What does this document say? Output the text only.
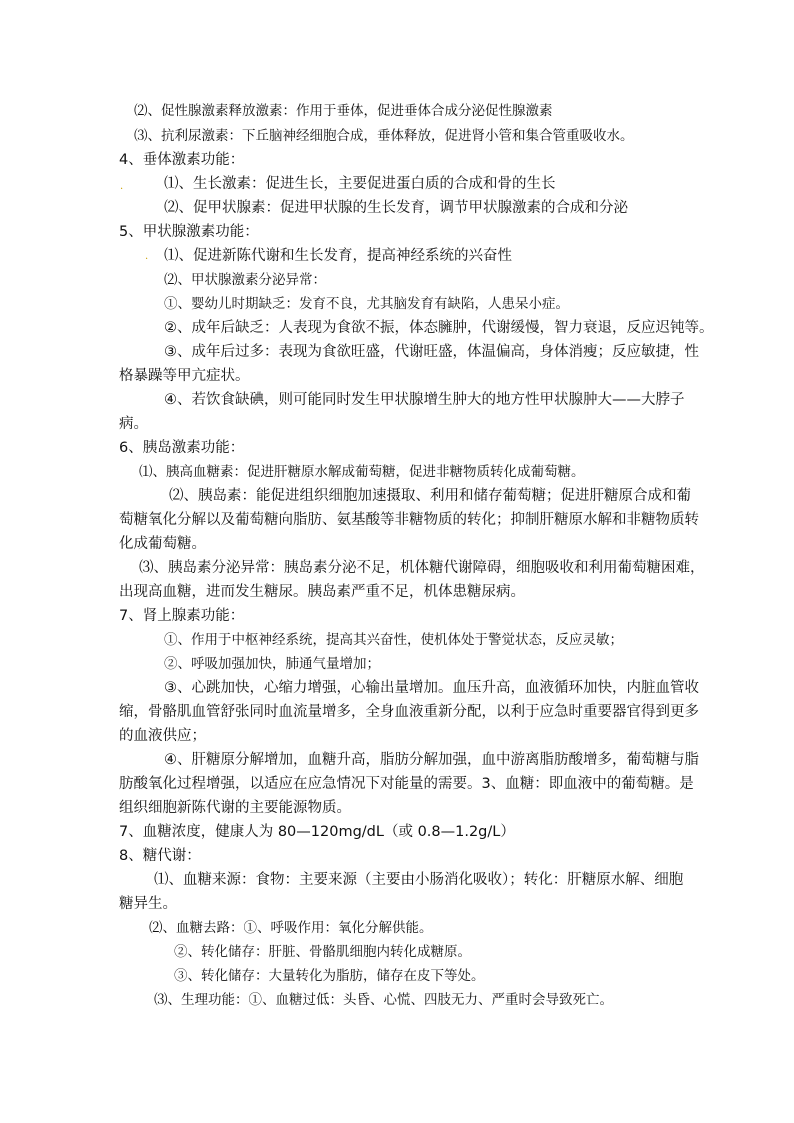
.
.
⑵、促性腺激素释放激素：作用于垂体，促进垂体合成分泌促性腺激素
⑶、抗利尿激素：下丘脑神经细胞合成，垂体释放，促进肾小管和集合管重吸收水。
4、垂体激素功能：
⑴、生长激素：促进生长，主要促进蛋白质的合成和骨的生长
⑵、促甲状腺素：促进甲状腺的生长发育，调节甲状腺激素的合成和分泌
5、甲状腺激素功能：
⑴、促进新陈代谢和生长发育，提高神经系统的兴奋性
⑵、甲状腺激素分泌异常：
①、婴幼儿时期缺乏：发育不良，尤其脑发育有缺陷，人患呆小症。
②、成年后缺乏：人表现为食欲不振，体态臃肿，代谢缓慢，智力衰退，反应迟钝等。
③、成年后过多：表现为食欲旺盛，代谢旺盛，体温偏高，身体消瘦；反应敏捷，性
格暴躁等甲亢症状。
④、若饮食缺碘，则可能同时发生甲状腺增生肿大的地方性甲状腺肿大——大脖子
病。
6、胰岛激素功能：
⑴、胰高血糖素：促进肝糖原水解成葡萄糖，促进非糖物质转化成葡萄糖。
⑵、胰岛素：能促进组织细胞加速摄取、利用和储存葡萄糖；促进肝糖原合成和葡
萄糖氧化分解以及葡萄糖向脂肪、氨基酸等非糖物质的转化；抑制肝糖原水解和非糖物质转
化成葡萄糖。
⑶、胰岛素分泌异常：胰岛素分泌不足，机体糖代谢障碍，细胞吸收和利用葡萄糖困难，
出现高血糖，进而发生糖尿。胰岛素严重不足，机体患糖尿病。
7、肾上腺素功能：
①、作用于中枢神经系统，提高其兴奋性，使机体处于警觉状态，反应灵敏；
②、呼吸加强加快，肺通气量增加；
③、心跳加快，心缩力增强，心输出量增加。血压升高，血液循环加快，内脏血管收
缩，骨骼肌血管舒张同时血流量增多，全身血液重新分配，以利于应急时重要器官得到更多
的血液供应；
④、肝糖原分解增加，血糖升高，脂肪分解加强，血中游离脂肪酸增多，葡萄糖与脂
肪酸氧化过程增强，以适应在应急情况下对能量的需要。3、血糖：即血液中的葡萄糖。是
组织细胞新陈代谢的主要能源物质。
7、血糖浓度，健康人为 80—120mg/dL（或 0.8—1.2g/L）
8、糖代谢：
⑴、血糖来源：食物：主要来源（主要由小肠消化吸收）；转化：肝糖原水解、细胞
糖异生。
⑵、血糖去路：①、呼吸作用：氧化分解供能。
②、转化储存：肝脏、骨骼肌细胞内转化成糖原。
③、转化储存：大量转化为脂肪，储存在皮下等处。
⑶、生理功能：①、血糖过低：头昏、心慌、四肢无力、严重时会导致死亡。
